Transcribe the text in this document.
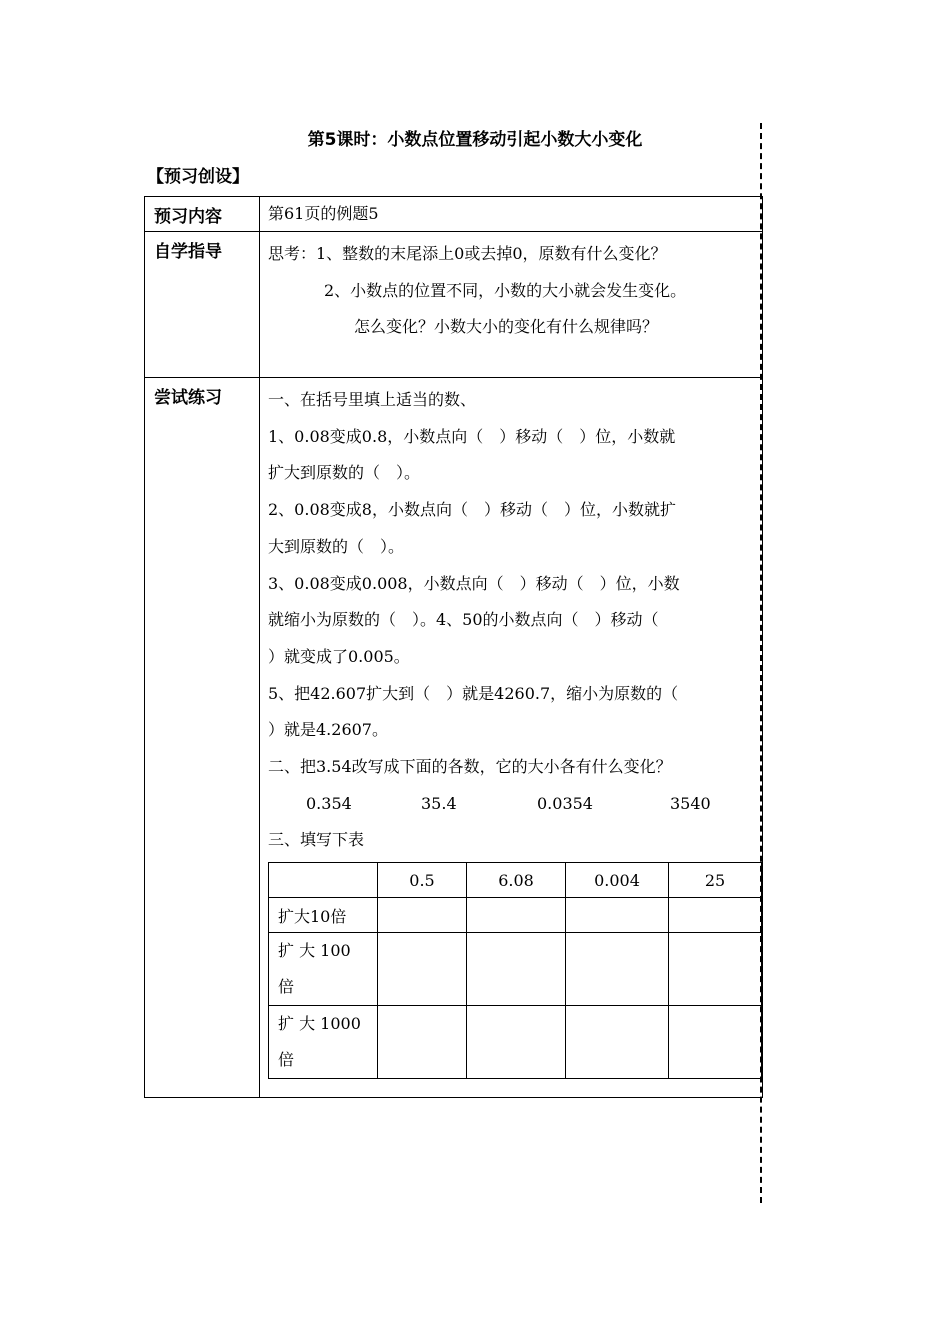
第5课时：小数点位置移动引起小数大小变化
【预习创设】
预习内容	第61页的例题5
自学指导	思考：1、整数的末尾添上0或去掉0，原数有什么变化？
2、小数点的位置不同，小数的大小就会发生变化。
怎么变化？小数大小的变化有什么规律吗？

尝试练习	一、在括号里填上适当的数、
1、0.08变成0.8，小数点向（　）移动（　）位，小数就
扩大到原数的（　）。
2、0.08变成8，小数点向（　）移动（　）位，小数就扩
大到原数的（　）。
3、0.08变成0.008，小数点向（　）移动（　）位，小数
就缩小为原数的（　）。4、50的小数点向（　）移动（
）就变成了0.005。
5、把42.607扩大到（　）就是4260.7，缩小为原数的（
）就是4.2607。
二、把3.54改写成下面的各数，它的大小各有什么变化？
0.354	35.4	0.0354	3540
三、填写下表
	0.5	6.08	0.004	25
扩大10倍				
扩 大 100
倍				
扩 大 1000
倍				
